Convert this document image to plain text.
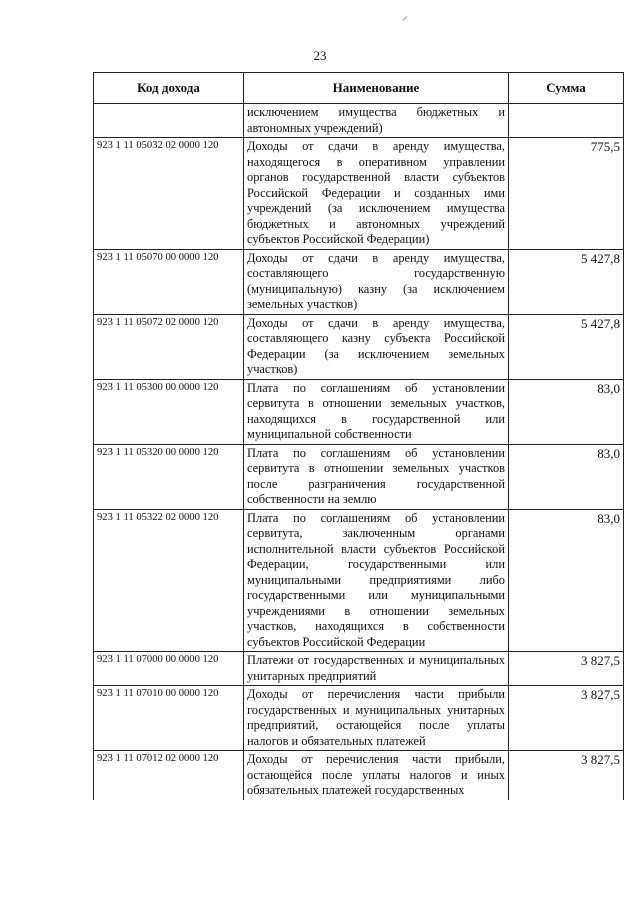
23
Код дохода	Наименование	Сумма
	исключением имущества бюджетных и автономных учреждений)	
923 1 11 05032 02 0000 120	Доходы от сдачи в аренду имущества, находящегося в оперативном управлении органов государственной власти субъектов Российской Федерации и созданных ими учреждений (за исключением имущества бюджетных и автономных учреждений субъектов Российской Федерации)	775,5
923 1 11 05070 00 0000 120	Доходы от сдачи в аренду имущества, составляющего государственную (муниципальную) казну (за исключением земельных участков)	5 427,8
923 1 11 05072 02 0000 120	Доходы от сдачи в аренду имущества, составляющего казну субъекта Российской Федерации (за исключением земельных участков)	5 427,8
923 1 11 05300 00 0000 120	Плата по соглашениям об установлении сервитута в отношении земельных участков, находящихся в государственной или муниципальной собственности	83,0
923 1 11 05320 00 0000 120	Плата по соглашениям об установлении сервитута в отношении земельных участков после разграничения государственной собственности на землю	83,0
923 1 11 05322 02 0000 120	Плата по соглашениям об установлении сервитута, заключенным органами исполнительной власти субъектов Российской Федерации, государственными или муниципальными предприятиями либо государственными или муниципальными учреждениями в отношении земельных участков, находящихся в собственности субъектов Российской Федерации	83,0
923 1 11 07000 00 0000 120	Платежи от государственных и муниципальных унитарных предприятий	3 827,5
923 1 11 07010 00 0000 120	Доходы от перечисления части прибыли государственных и муниципальных унитарных предприятий, остающейся после уплаты налогов и обязательных платежей	3 827,5
923 1 11 07012 02 0000 120	Доходы от перечисления части прибыли, остающейся после уплаты налогов и иных обязательных платежей государственных	3 827,5
